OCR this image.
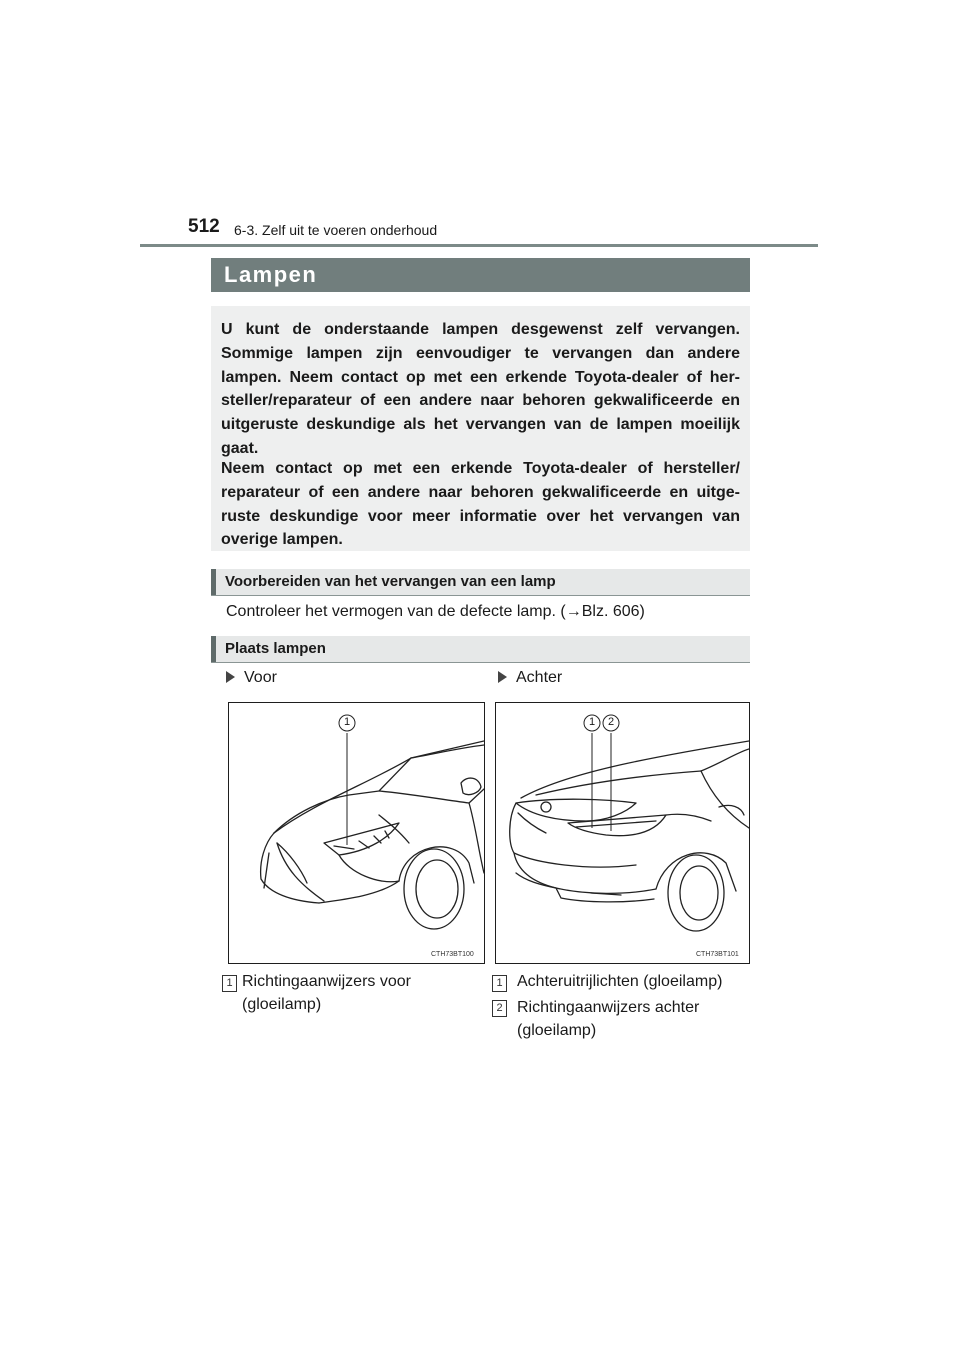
512 6-3. Zelf uit te voeren onderhoud
Lampen

U kunt de onderstaande lampen desgewenst zelf vervangen. Sommige lampen zijn eenvoudiger te vervangen dan andere lampen. Neem contact op met een erkende Toyota-dealer of her-steller/reparateur of een andere naar behoren gekwalificeerde en uitgeruste deskundige als het vervangen van de lampen moeilijk gaat.

Neem contact op met een erkende Toyota-dealer of hersteller/ reparateur of een andere naar behoren gekwalificeerde en uitge-ruste deskundige voor meer informatie over het vervangen van overige lampen.

Voorbereiden van het vervangen van een lamp
Controleer het vermogen van de defecte lamp. (→Blz. 606)
Plaats lampen
Voor
1
CTH73BT100
Achter
1	2
CTH73BT101
1 Richtingaanwijzers voor (gloeilamp)
1 Achteruitrijlichten (gloeilamp)
2 Richtingaanwijzers achter (gloeilamp)
